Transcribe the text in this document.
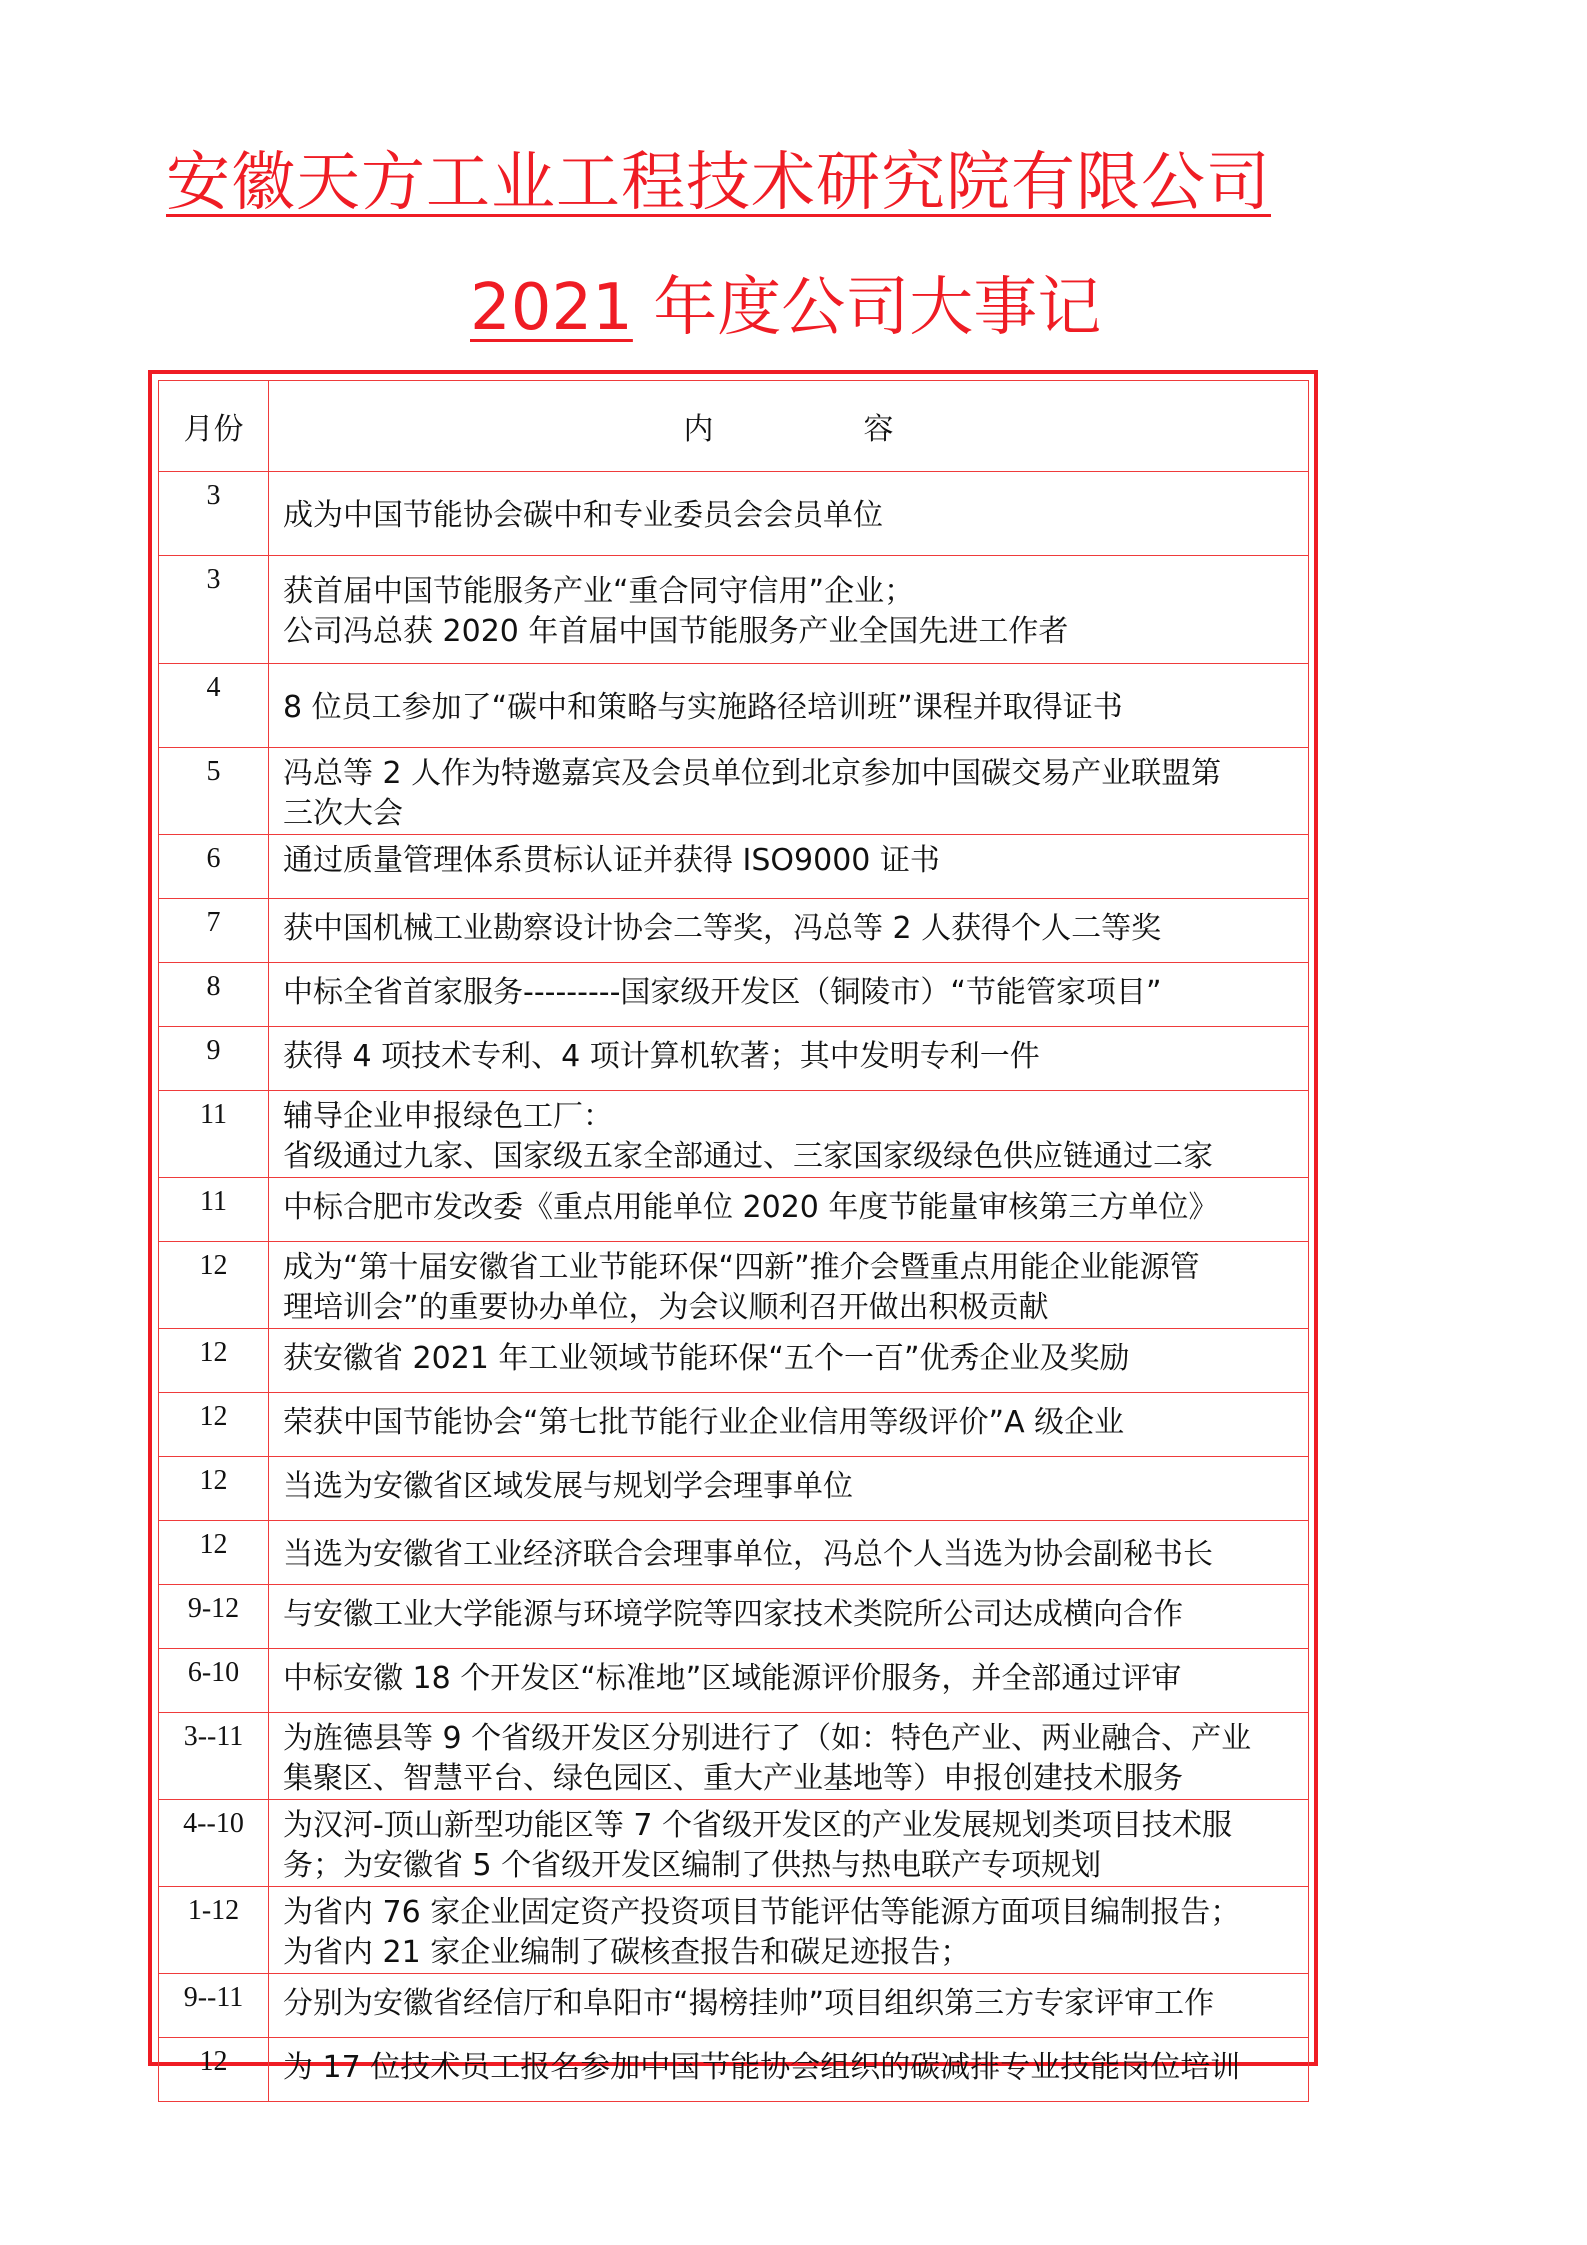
安徽天方工业工程技术研究院有限公司
2021 年度公司大事记
月份	内 容
3	成为中国节能协会碳中和专业委员会会员单位
3	获首届中国节能服务产业“重合同守信用”企业；
公司冯总获 2020 年首届中国节能服务产业全国先进工作者
4	8 位员工参加了“碳中和策略与实施路径培训班”课程并取得证书
5	冯总等 2 人作为特邀嘉宾及会员单位到北京参加中国碳交易产业联盟第
三次大会
6	通过质量管理体系贯标认证并获得 ISO9000 证书
7	获中国机械工业勘察设计协会二等奖，冯总等 2 人获得个人二等奖
8	中标全省首家服务---------国家级开发区（铜陵市）“节能管家项目”
9	获得 4 项技术专利、4 项计算机软著；其中发明专利一件
11	辅导企业申报绿色工厂：
省级通过九家、国家级五家全部通过、三家国家级绿色供应链通过二家
11	中标合肥市发改委《重点用能单位 2020 年度节能量审核第三方单位》
12	成为“第十届安徽省工业节能环保“四新”推介会暨重点用能企业能源管
理培训会”的重要协办单位，为会议顺利召开做出积极贡献
12	获安徽省 2021 年工业领域节能环保“五个一百”优秀企业及奖励
12	荣获中国节能协会“第七批节能行业企业信用等级评价”A 级企业
12	当选为安徽省区域发展与规划学会理事单位
12	当选为安徽省工业经济联合会理事单位，冯总个人当选为协会副秘书长
9-12	与安徽工业大学能源与环境学院等四家技术类院所公司达成横向合作
6-10	中标安徽 18 个开发区“标准地”区域能源评价服务，并全部通过评审
3--11	为旌德县等 9 个省级开发区分别进行了（如：特色产业、两业融合、产业
集聚区、智慧平台、绿色园区、重大产业基地等）申报创建技术服务
4--10	为汉河-顶山新型功能区等 7 个省级开发区的产业发展规划类项目技术服
务；为安徽省 5 个省级开发区编制了供热与热电联产专项规划
1-12	为省内 76 家企业固定资产投资项目节能评估等能源方面项目编制报告；
为省内 21 家企业编制了碳核查报告和碳足迹报告；
9--11	分别为安徽省经信厅和阜阳市“揭榜挂帅”项目组织第三方专家评审工作
12	为 17 位技术员工报名参加中国节能协会组织的碳减排专业技能岗位培训
